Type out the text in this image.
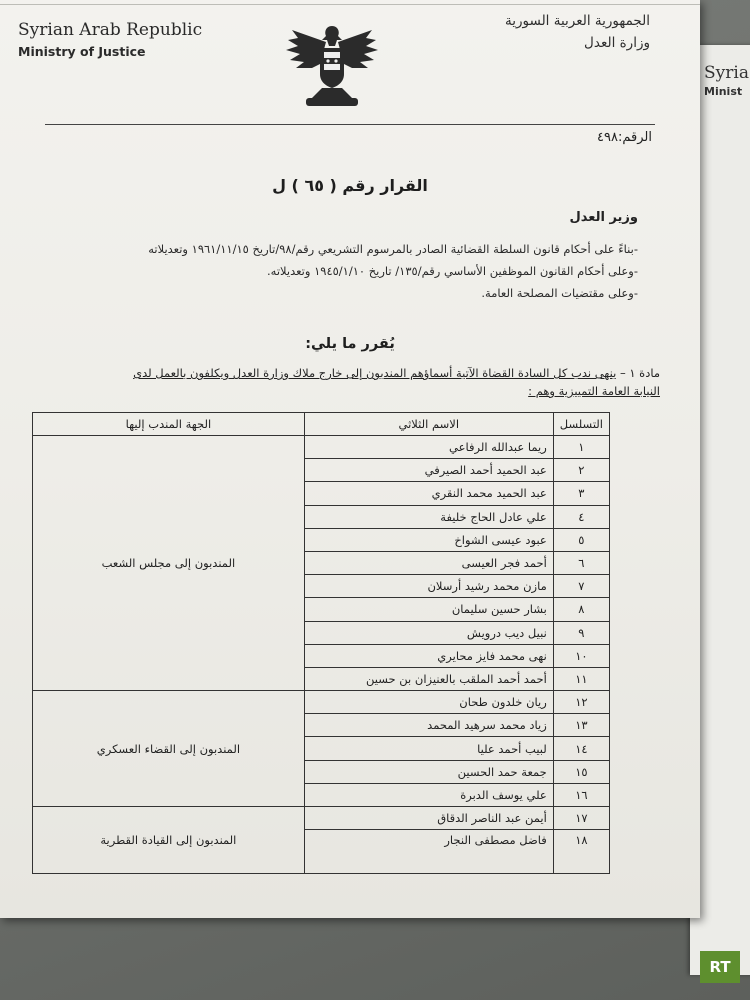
Syria
Minist
Syrian Arab Republic
Ministry of Justice
الجمهورية العربية السورية
وزارة العدل
الرقم:٤٩٨
القرار رقم ( ٦٥ ) ل
وزير العدل
-بناءً على أحكام قانون السلطة القضائية الصادر بالمرسوم التشريعي رقم/٩٨/تاريخ ١٩٦١/١١/١٥ وتعديلاته
-وعلى أحكام القانون الموظفين الأساسي رقم/١٣٥/ تاريخ ١٩٤٥/١/١٠ وتعديلاته.
-وعلى مقتضيات المصلحة العامة.
يُقرر ما يلي:
مادة ١ – ينهى ندب كل السادة القضاة الآتية أسماؤهم المندبون إلى خارج ملاك وزارة العدل ويكلفون بالعمل لدى
النيابة العامة التمييزية وهم :
التسلسل	الاسم الثلاثي	الجهة المندب إليها
١	ريما عبدالله الرفاعي	المندبون إلى مجلس الشعب
٢	عبد الحميد أحمد الصيرفي	
٣	عبد الحميد محمد النقري	
٤	علي عادل الحاج خليفة	
٥	عبود عيسى الشواخ	
٦	أحمد فجر العيسى	
٧	مازن محمد رشيد أرسلان	
٨	بشار حسين سليمان	
٩	نبيل ديب درويش	
١٠	نهى محمد فايز محايري	
١١	أحمد أحمد الملقب بالعنيزان بن حسين	
١٢	ريان خلدون طحان	المندبون إلى القضاء العسكري
١٣	زياد محمد سرهيد المحمد	
١٤	لبيب أحمد عليا	
١٥	جمعة حمد الحسين	
١٦	علي يوسف الدبرة	
١٧	أيمن عبد الناصر الدقاق	المندبون إلى القيادة القطرية
١٨	فاضل مصطفى النجار	
RT
